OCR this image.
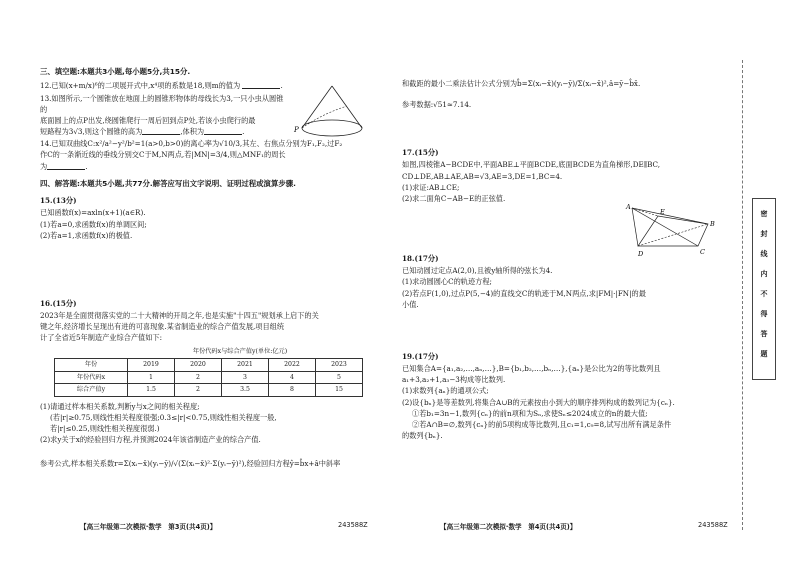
三、填空题:本题共3小题,每小题5分,共15分.
12.已知(x+m/x)⁶的二项展开式中,x⁴项的系数是18,则m的值为	.
13.如图所示,一个圆锥放在地面上的圆锥形物体的母线长为3,一只小虫从圆锥的
底面圆上的点P出发,绕圆锥爬行一周后回到点P处,若该小虫爬行的最
短路程为3√3,则这个圆锥的高为	,体积为	.
14.已知双曲线C:x²/a²−y²/b²=1(a>0,b>0)的离心率为√10/3,其左、右焦点分别为F₁,F₂,过F₂
作C的一条渐近线的垂线分别交C于M,N两点,若|MN|=3/4,则△MNF₁的周长
为	.
四、解答题:本题共5小题,共77分.解答应写出文字说明、证明过程或演算步骤.
15.(13分)
已知函数f(x)=axln(x+1)(a∈R).
(1)若a=0,求函数f(x)的单调区间;
(2)若a=1,求函数f(x)的极值.
16.(15分)
2023年是全面贯彻落实党的二十大精神的开局之年,也是实施"十四五"规划承上启下的关
键之年,经济增长呈现出有进的可喜现象.某省制造业的综合产值发展,项目组统
计了全省近5年制造产业综合产值如下:
年份代码x与综合产值y(单位:亿元)
年份	2019	2020	2021	2022	2023
年份代码x	1	2	3	4	5
综合产值y	1.5	2	3.5	8	15
(1)请通过样本相关系数,判断y与x之间的相关程度;
(若|r|≥0.75,则线性相关程度很强;0.3≤|r|<0.75,则线性相关程度一般,
若|r|≤0.25,则线性相关程度很弱.)
(2)求y关于x的经验回归方程,并预测2024年该省制造产业的综合产值.
参考公式,样本相关系数r=Σ(xᵢ−x̄)(yᵢ−ȳ)/√(Σ(xᵢ−x̄)²·Σ(yᵢ−ȳ)²),经验回归方程ŷ=b̂x+â中斜率
和截距的最小二乘法估计公式分别为b̂=Σ(xᵢ−x̄)(yᵢ−ȳ)/Σ(xᵢ−x̄)²,â=ȳ−b̂x̄.
参考数据:√51≈7.14.
17.(15分)
如图,四棱锥A−BCDE中,平面ABE⊥平面BCDE,底面BCDE为直角梯形,DE∥BC,
CD⊥DE,AB⊥AE,AB=√3,AE=3,DE=1,BC=4.
(1)求证:AB⊥CE;
(2)求二面角C−AB−E的正弦值.
18.(17分)
已知动圆过定点A(2,0),且被y轴所得的弦长为4.
(1)求动圆圆心C的轨迹方程;
(2)若点F(1,0),过点P(5,−4)的直线交C的轨迹于M,N两点,求|FM|·|FN|的最
小值.
19.(17分)
已知集合A={a₁,a₂,…,aₙ,…},B={b₁,b₂,…,bₙ,…},{aₙ}是公比为2的等比数列且
a₁+3,a₂+1,a₃−3构成等比数列.
(1)求数列{aₙ}的通项公式;
(2)设{bₙ}是等差数列,将集合A∪B的元素按由小到大的顺序排列构成的数列记为{cₙ}.
①若b₁=3n−1,数列{cₙ}的前n项和为Sₙ,求使Sₙ≤2024成立的n的最大值;
②若A∩B=∅,数列{cₙ}的前5项构成等比数列,且c₁=1,c₉=8,试写出所有满足条件
的数列{bₙ}.
P
A
B
C
D
E
【高三年级第二次模拟·数学　第3页(共4页)】	243588Z	【高三年级第二次模拟·数学　第4页(共4页)】	243588Z
密
封
线
内
不
得
答
题
